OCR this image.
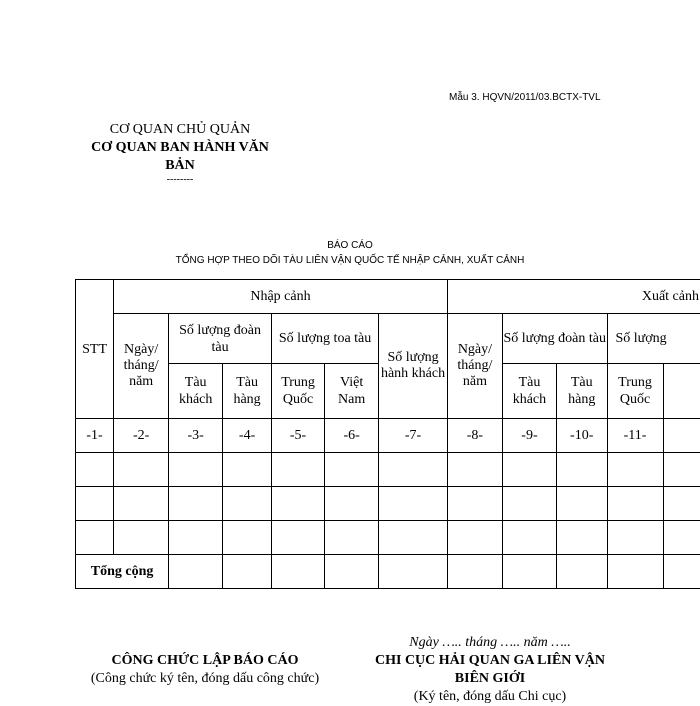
Mẫu 3. HQVN/2011/03.BCTX-TVL
CƠ QUAN CHỦ QUẢN
CƠ QUAN BAN HÀNH VĂN
BẢN
--------
BÁO CÁO
TỔNG HỢP THEO DÕI TÀU LIÊN VẬN QUỐC TẾ NHẬP CẢNH, XUẤT CẢNH
STT	Nhập cảnh						Xuất cảnh				
	Ngày/ tháng/ năm	Số lượng đoàn tàu		Số lượng toa tàu		Số lượng hành khách	Ngày/ tháng/ năm	Số lượng đoàn tàu		Số lượng	
		Tàu khách	Tàu hàng	Trung Quốc	Việt Nam			Tàu khách	Tàu hàng	Trung Quốc	
-1-	-2-	-3-	-4-	-5-	-6-	-7-	-8-	-9-	-10-	-11-	

Tổng cộng											
CÔNG CHỨC LẬP BÁO CÁO
(Công chức ký tên, đóng dấu công chức)
Ngày ….. tháng ….. năm …..
CHI CỤC HẢI QUAN GA LIÊN VẬN
BIÊN GIỚI
(Ký tên, đóng dấu Chi cục)
